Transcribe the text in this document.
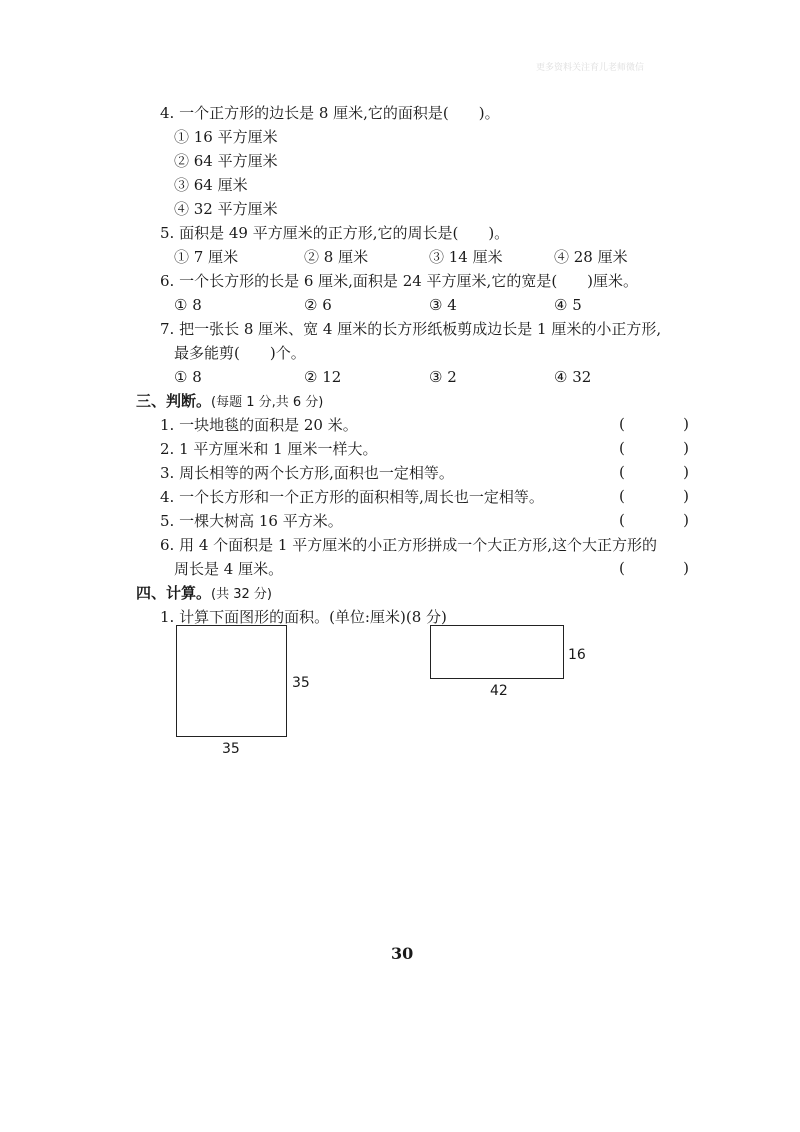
更多资料关注育儿老师微信
4. 一个正方形的边长是 8 厘米,它的面积是(　　)。
① 16 平方厘米
② 64 平方厘米
③ 64 厘米
④ 32 平方厘米
5. 面积是 49 平方厘米的正方形,它的周长是(　　)。
① 7 厘米	② 8 厘米	③ 14 厘米	④ 28 厘米
6. 一个长方形的长是 6 厘米,面积是 24 平方厘米,它的宽是(　　)厘米。
① 8	② 6	③ 4	④ 5
7. 把一张长 8 厘米、宽 4 厘米的长方形纸板剪成边长是 1 厘米的小正方形,
最多能剪(　　)个。
① 8	② 12	③ 2	④ 32
三、判断。(每题 1 分,共 6 分)
1. 一块地毯的面积是 20 米。	(	)
2. 1 平方厘米和 1 厘米一样大。	(	)
3. 周长相等的两个长方形,面积也一定相等。	(	)
4. 一个长方形和一个正方形的面积相等,周长也一定相等。	(	)
5. 一棵大树高 16 平方米。	(	)
6. 用 4 个面积是 1 平方厘米的小正方形拼成一个大正方形,这个大正方形的
周长是 4 厘米。	(	)
四、计算。(共 32 分)
1. 计算下面图形的面积。(单位:厘米)(8 分)
35
35
16
42
30
